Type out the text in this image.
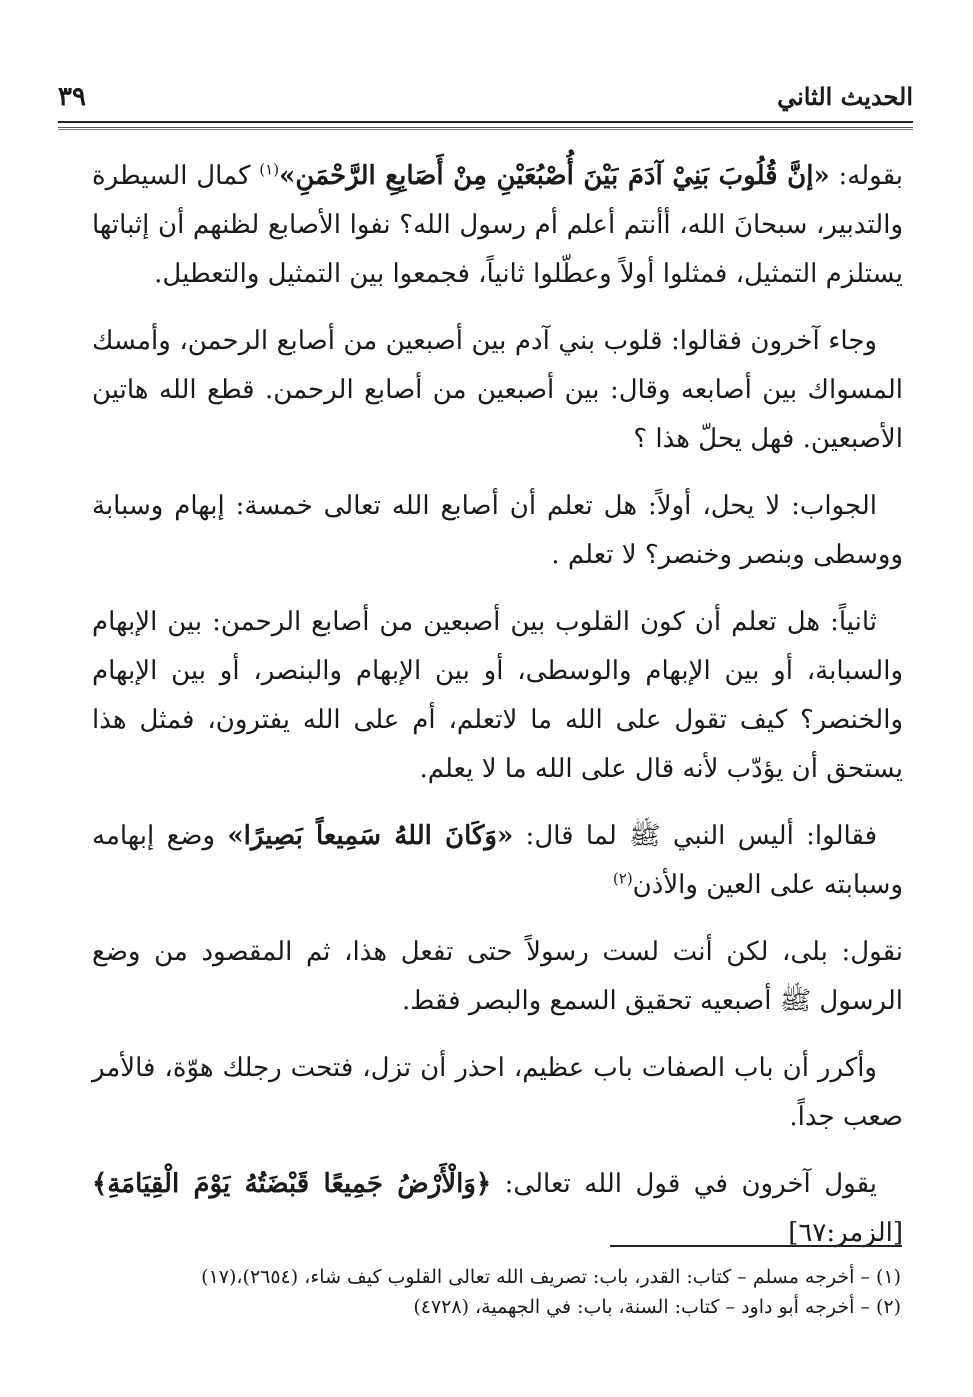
٣٩	الحديث الثاني

بقوله: «إنَّ قُلُوبَ بَنِيْ آدَمَ بَيْنَ أُصْبُعَيْنِ مِنْ أَصَابِعِ الرَّحْمَنِ»$^{(١)}$ كمال السيطرة والتدبير، سبحانَ الله، أأنتم أعلم أم رسول الله؟ نفوا الأصابع لظنهم أن إثباتها يستلزم التمثيل، فمثلوا أولاً وعطّلوا ثانياً، فجمعوا بين التمثيل والتعطيل.

وجاء آخرون فقالوا: قلوب بني آدم بين أصبعين من أصابع الرحمن، وأمسك المسواك بين أصابعه وقال: بين أصبعين من أصابع الرحمن. قطع الله هاتين الأصبعين. فهل يحلّ هذا ؟

الجواب: لا يحل، أولاً: هل تعلم أن أصابع الله تعالى خمسة: إبهام وسبابة ووسطى وبنصر وخنصر؟ لا تعلم .

ثانياً: هل تعلم أن كون القلوب بين أصبعين من أصابع الرحمن: بين الإبهام والسبابة، أو بين الإبهام والوسطى، أو بين الإبهام والبنصر، أو بين الإبهام والخنصر؟ كيف تقول على الله ما لاتعلم، أم على الله يفترون، فمثل هذا يستحق أن يؤدّب لأنه قال على الله ما لا يعلم.

فقالوا: أليس النبي ﷺ لما قال: «وَكَانَ اللهُ سَمِيعاً بَصِيرًا» وضع إبهامه وسبابته على العين والأذن$^{(٢)}$

نقول: بلى، لكن أنت لست رسولاً حتى تفعل هذا، ثم المقصود من وضع الرسول ﷺ أصبعيه تحقيق السمع والبصر فقط.

وأكرر أن باب الصفات باب عظيم، احذر أن تزل، فتحت رجلك هوّة، فالأمر صعب جداً.

يقول آخرون في قول الله تعالى: ﴿وَالْأَرْضُ جَمِيعًا قَبْضَتُهُ يَوْمَ الْقِيَامَةِ﴾ [الزمر:٦٧]

(١) – أخرجه مسلم – كتاب: القدر، باب: تصريف الله تعالى القلوب كيف شاء، (٢٦٥٤)،(١٧)

(٢) – أخرجه أبو داود – كتاب: السنة، باب: في الجهمية، (٤٧٢٨)
